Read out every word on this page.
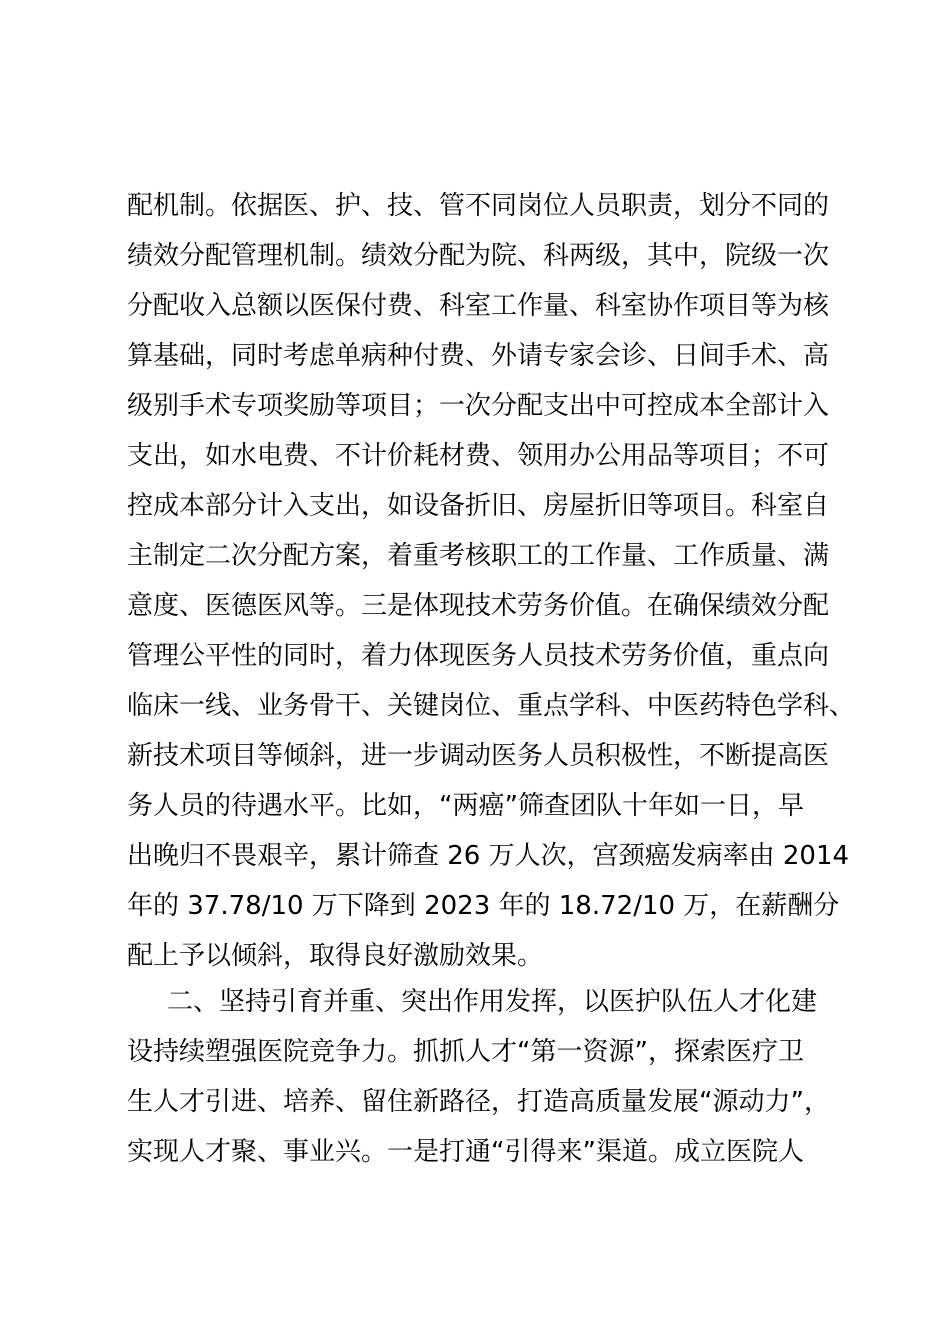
配机制。依据医、护、技、管不同岗位人员职责，划分不同的
绩效分配管理机制。绩效分配为院、科两级，其中，院级一次
分配收入总额以医保付费、科室工作量、科室协作项目等为核
算基础，同时考虑单病种付费、外请专家会诊、日间手术、高
级别手术专项奖励等项目；一次分配支出中可控成本全部计入
支出，如水电费、不计价耗材费、领用办公用品等项目；不可
控成本部分计入支出，如设备折旧、房屋折旧等项目。科室自
主制定二次分配方案，着重考核职工的工作量、工作质量、满
意度、医德医风等。三是体现技术劳务价值。在确保绩效分配
管理公平性的同时，着力体现医务人员技术劳务价值，重点向
临床一线、业务骨干、关键岗位、重点学科、中医药特色学科、
新技术项目等倾斜，进一步调动医务人员积极性，不断提高医
务人员的待遇水平。比如，“两癌”筛查团队十年如一日，早
出晚归不畏艰辛，累计筛查 26 万人次，宫颈癌发病率由 2014
年的 37.78/10 万下降到 2023 年的 18.72/10 万，在薪酬分
配上予以倾斜，取得良好激励效果。
二、坚持引育并重、突出作用发挥，以医护队伍人才化建
设持续塑强医院竞争力。抓抓人才“第一资源”，探索医疗卫
生人才引进、培养、留住新路径，打造高质量发展“源动力”，
实现人才聚、事业兴。一是打通“引得来”渠道。成立医院人
